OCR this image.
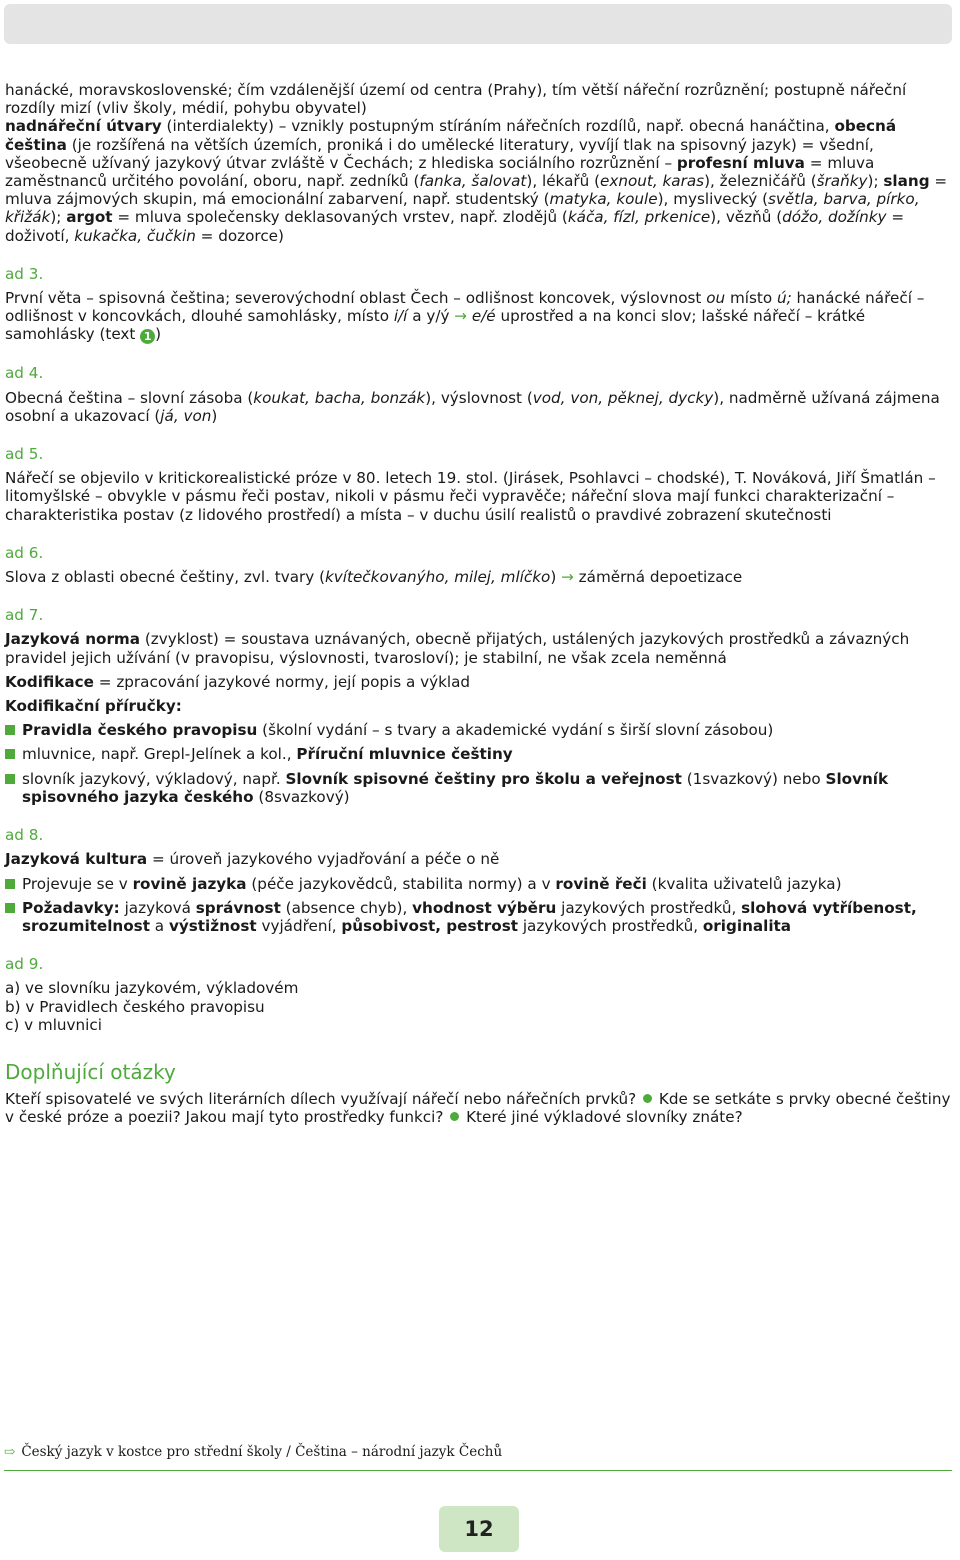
hanácké, moravskoslovenské; čím vzdálenější území od centra (Prahy), tím větší nářeční rozrůznění; postupně nářeční rozdíly mizí (vliv školy, médií, pohybu obyvatel)
nadnářeční útvary (interdialekty) – vznikly postupným stíráním nářečních rozdílů, např. obecná hanáčtina, obecná čeština (je rozšířená na větších územích, proniká i do umělecké literatury, vyvíjí tlak na spisovný jazyk) = všední, všeobecně užívaný jazykový útvar zvláště v Čechách; z hlediska sociálního rozrůznění – profesní mluva = mluva zaměstnanců určitého povolání, oboru, např. zedníků (fanka, šalovat), lékařů (exnout, karas), železničářů (šraňky); slang = mluva zájmových skupin, má emocionální zabarvení, např. studentský (matyka, koule), myslivecký (světla, barva, pírko, křižák); argot = mluva společensky deklasovaných vrstev, např. zlodějů (káča, fízl, prkenice), vězňů (dóžo, dožínky = doživotí, kukačka, čučkin = dozorce)

ad 3.

První věta – spisovná čeština; severovýchodní oblast Čech – odlišnost koncovek, výslovnost ou místo ú; hanácké nářečí – odlišnost v koncovkách, dlouhé samohlásky, místo i/í a y/ý → e/é uprostřed a na konci slov; lašské nářečí – krátké samohlásky (text 1 )

ad 4.

Obecná čeština – slovní zásoba (koukat, bacha, bonzák), výslovnost (vod, von, pěknej, dycky), nadměrně užívaná zájmena osobní a ukazovací (já, von)

ad 5.

Nářečí se objevilo v kritickorealistické próze v 80. letech 19. stol. (Jirásek, Psohlavci – chodské), T. Nováková, Jiří Šmatlán – litomyšlské – obvykle v pásmu řeči postav, nikoli v pásmu řeči vypravěče; nářeční slova mají funkci charakterizační – charakteristika postav (z lidového prostředí) a místa – v duchu úsilí realistů o pravdivé zobrazení skutečnosti

ad 6.

Slova z oblasti obecné češtiny, zvl. tvary (kvítečkovanýho, milej, mlíčko) → záměrná depoetizace

ad 7.

Jazyková norma (zvyklost) = soustava uznávaných, obecně přijatých, ustálených jazykových prostředků a závazných pravidel jejich užívání (v pravopisu, výslovnosti, tvarosloví); je stabilní, ne však zcela neměnná

Kodifikace = zpracování jazykové normy, její popis a výklad

Kodifikační příručky:

Pravidla českého pravopisu (školní vydání – s tvary a akademické vydání s širší slovní zásobou)

mluvnice, např. Grepl-Jelínek a kol., Příruční mluvnice češtiny

slovník jazykový, výkladový, např. Slovník spisovné češtiny pro školu a veřejnost (1svazkový) nebo Slovník spisovného jazyka českého (8svazkový)

ad 8.

Jazyková kultura = úroveň jazykového vyjadřování a péče o ně

Projevuje se v rovině jazyka (péče jazykovědců, stabilita normy) a v rovině řeči (kvalita uživatelů jazyka)

Požadavky: jazyková správnost (absence chyb), vhodnost výběru jazykových prostředků, slohová vytříbenost, srozumitelnost a výstižnost vyjádření, působivost, pestrost jazykových prostředků, originalita

ad 9.

a) ve slovníku jazykovém, výkladovém

b) v Pravidlech českého pravopisu

c) v mluvnici

Doplňující otázky

Kteří spisovatelé ve svých literárních dílech využívají nářečí nebo nářečních prvků?  Kde se setkáte s prvky obecné češtiny v české próze a poezii? Jakou mají tyto prostředky funkci?  Které jiné výkladové slovníky znáte?

⇨ Český jazyk v kostce pro střední školy / Čeština – národní jazyk Čechů
12
